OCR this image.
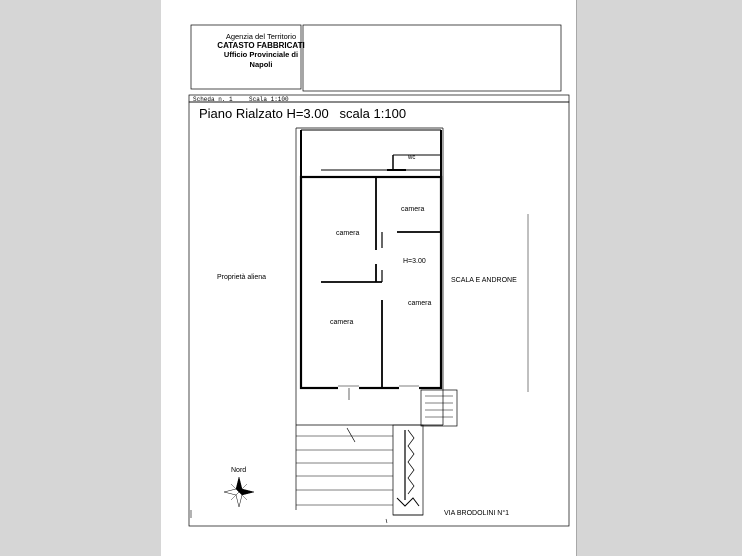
Agenzia del Territorio
CATASTO FABBRICATI
Ufficio Provinciale di
Napoli
Scheda n. 1	Scala 1:100
Piano Rialzato H=3.00   scala 1:100
wc
camera
camera
H=3.00
camera
camera
Proprietà aliena	SCALA E ANDRONE
Nord
VIA BRODOLINI N°1
